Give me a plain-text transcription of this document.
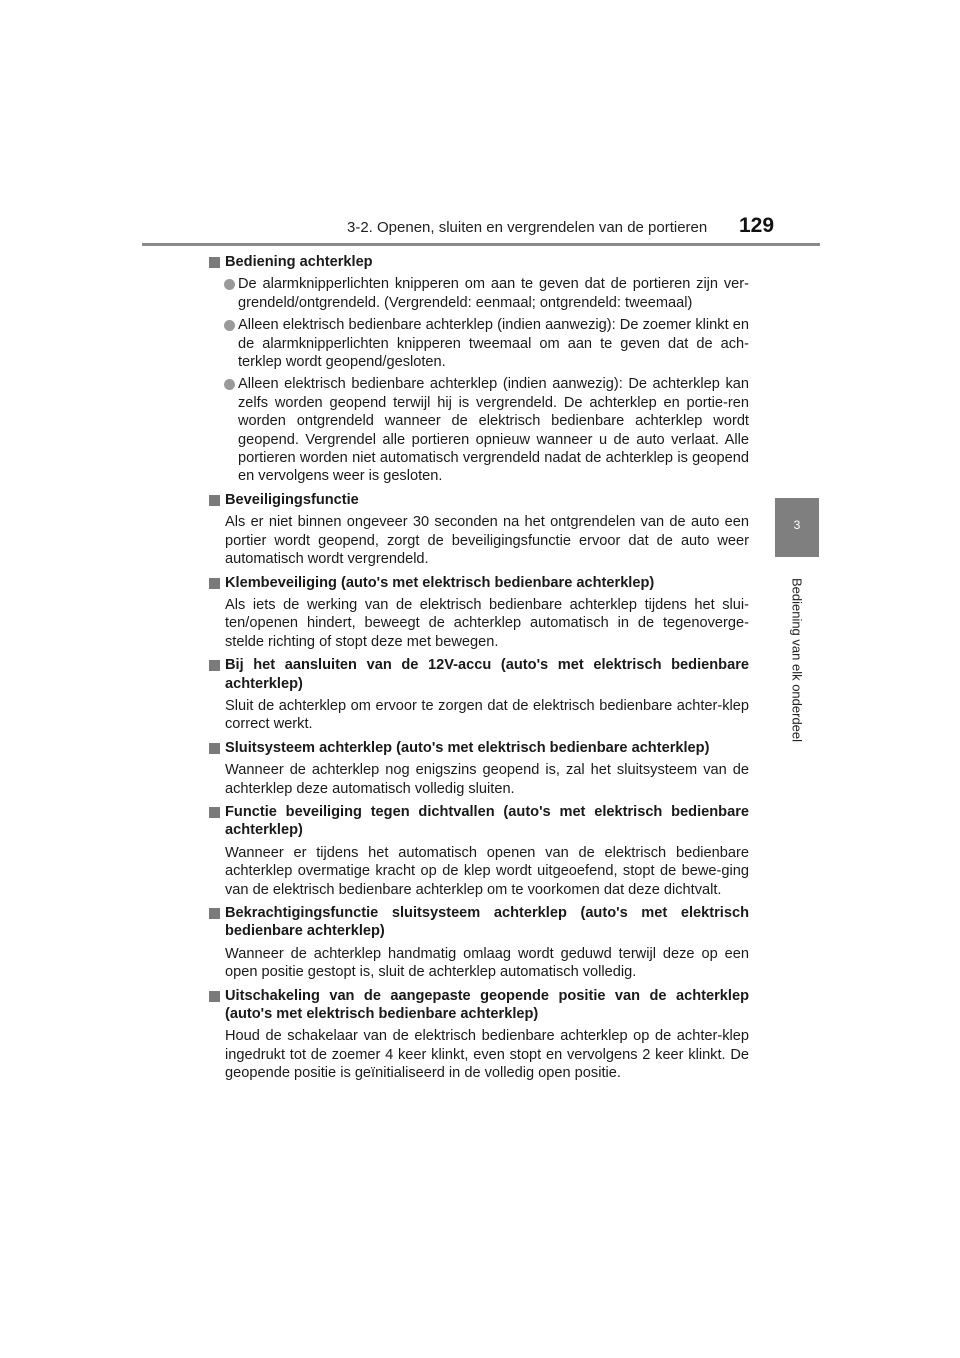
3-2. Openen, sluiten en vergrendelen van de portieren 129
3
Bediening van elk onderdeel
Bediening achterklep
De alarmknipperlichten knipperen om aan te geven dat de portieren zijn ver-grendeld/ontgrendeld. (Vergrendeld: eenmaal; ontgrendeld: tweemaal)
Alleen elektrisch bedienbare achterklep (indien aanwezig): De zoemer klinkt en de alarmknipperlichten knipperen tweemaal om aan te geven dat de ach-terklep wordt geopend/gesloten.
Alleen elektrisch bedienbare achterklep (indien aanwezig): De achterklep kan zelfs worden geopend terwijl hij is vergrendeld. De achterklep en portie-ren worden ontgrendeld wanneer de elektrisch bedienbare achterklep wordt geopend. Vergrendel alle portieren opnieuw wanneer u de auto verlaat. Alle portieren worden niet automatisch vergrendeld nadat de achterklep is geopend en vervolgens weer is gesloten.
Beveiligingsfunctie
Als er niet binnen ongeveer 30 seconden na het ontgrendelen van de auto een portier wordt geopend, zorgt de beveiligingsfunctie ervoor dat de auto weer automatisch wordt vergrendeld.
Klembeveiliging (auto's met elektrisch bedienbare achterklep)
Als iets de werking van de elektrisch bedienbare achterklep tijdens het slui-ten/openen hindert, beweegt de achterklep automatisch in de tegenoverge-stelde richting of stopt deze met bewegen.
Bij het aansluiten van de 12V-accu (auto's met elektrisch bedienbare achterklep)
Sluit de achterklep om ervoor te zorgen dat de elektrisch bedienbare achter-klep correct werkt.
Sluitsysteem achterklep (auto's met elektrisch bedienbare achterklep)
Wanneer de achterklep nog enigszins geopend is, zal het sluitsysteem van de achterklep deze automatisch volledig sluiten.
Functie beveiliging tegen dichtvallen (auto's met elektrisch bedienbare achterklep)
Wanneer er tijdens het automatisch openen van de elektrisch bedienbare achterklep overmatige kracht op de klep wordt uitgeoefend, stopt de bewe-ging van de elektrisch bedienbare achterklep om te voorkomen dat deze dichtvalt.
Bekrachtigingsfunctie sluitsysteem achterklep (auto's met elektrisch bedienbare achterklep)
Wanneer de achterklep handmatig omlaag wordt geduwd terwijl deze op een open positie gestopt is, sluit de achterklep automatisch volledig.
Uitschakeling van de aangepaste geopende positie van de achterklep (auto's met elektrisch bedienbare achterklep)
Houd de schakelaar van de elektrisch bedienbare achterklep op de achter-klep ingedrukt tot de zoemer 4 keer klinkt, even stopt en vervolgens 2 keer klinkt. De geopende positie is geïnitialiseerd in de volledig open positie.
